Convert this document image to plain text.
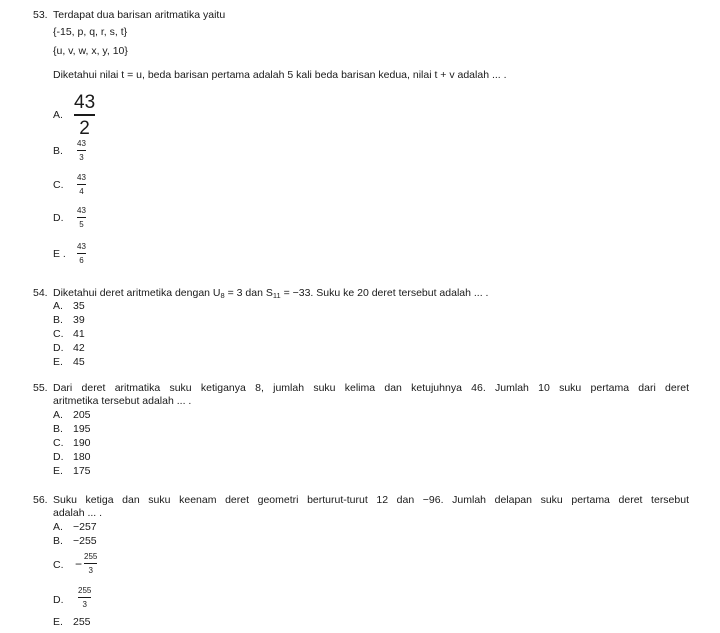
53. Terdapat dua barisan aritmatika yaitu
{-15, p, q, r, s, t}
{u, v, w, x, y, 10}
Diketahui nilai t = u, beda barisan pertama adalah 5 kali beda barisan kedua, nilai t + v adalah ... .
A.
43
2
B.
43
3
C.
43
4
D.
43
5
E .
43
6
54. Diketahui deret aritmetika dengan U8 = 3 dan S11 = −33. Suku ke 20 deret tersebut adalah ... .
A. 35
B. 39
C. 41
D. 42
E. 45
55. Dari deret aritmatika suku ketiganya 8, jumlah suku kelima dan ketujuhnya 46. Jumlah 10 suku pertama dari deret

aritmetika tersebut adalah ... .
A. 205
B. 195
C. 190
D. 180
E. 175
56. Suku ketiga dan suku keenam deret geometri berturut-turut 12 dan −96. Jumlah delapan suku pertama deret tersebut

adalah ... .
A. −257
B. −255
C. −
255
3
D.
255
3
E. 255
